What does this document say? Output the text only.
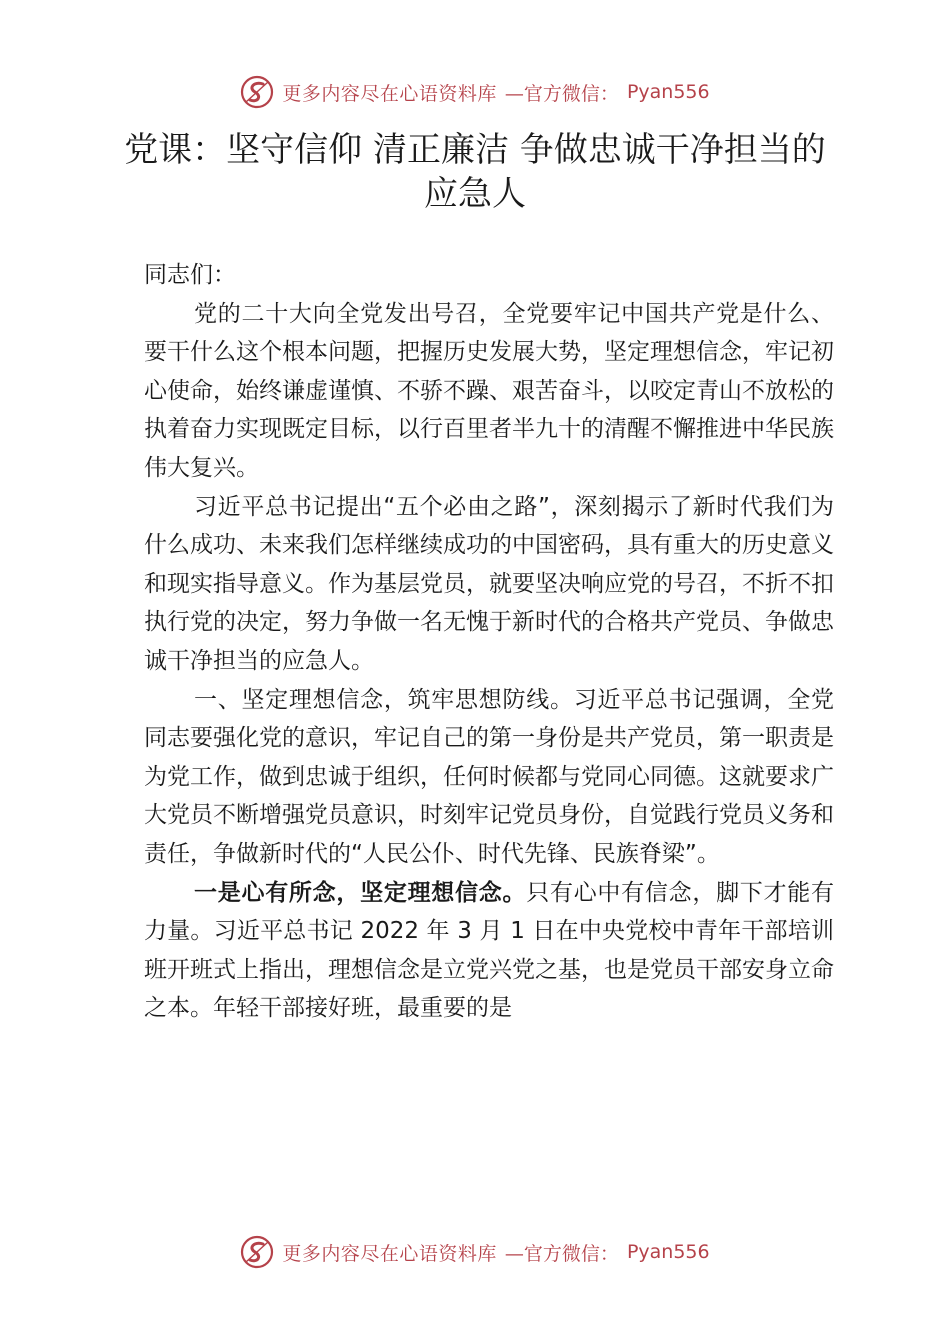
更多内容尽在心语资料库 —官方微信： Pyan556
党课：坚守信仰 清正廉洁 争做忠诚干净担当的应急人

同志们：

党的二十大向全党发出号召，全党要牢记中国共产党是什么、要干什么这个根本问题，把握历史发展大势，坚定理想信念，牢记初心使命，始终谦虚谨慎、不骄不躁、艰苦奋斗，以咬定青山不放松的执着奋力实现既定目标，以行百里者半九十的清醒不懈推进中华民族伟大复兴。

习近平总书记提出“五个必由之路”，深刻揭示了新时代我们为什么成功、未来我们怎样继续成功的中国密码，具有重大的历史意义和现实指导意义。作为基层党员，就要坚决响应党的号召，不折不扣执行党的决定，努力争做一名无愧于新时代的合格共产党员、争做忠诚干净担当的应急人。

一、坚定理想信念，筑牢思想防线。习近平总书记强调，全党同志要强化党的意识，牢记自己的第一身份是共产党员，第一职责是为党工作，做到忠诚于组织，任何时候都与党同心同德。这就要求广大党员不断增强党员意识，时刻牢记党员身份，自觉践行党员义务和责任，争做新时代的“人民公仆、时代先锋、民族脊梁”。

一是心有所念，坚定理想信念。只有心中有信念，脚下才能有力量。习近平总书记 2022 年 3 月 1 日在中央党校中青年干部培训班开班式上指出，理想信念是立党兴党之基，也是党员干部安身立命之本。年轻干部接好班，最重要的是

更多内容尽在心语资料库 —官方微信： Pyan556
